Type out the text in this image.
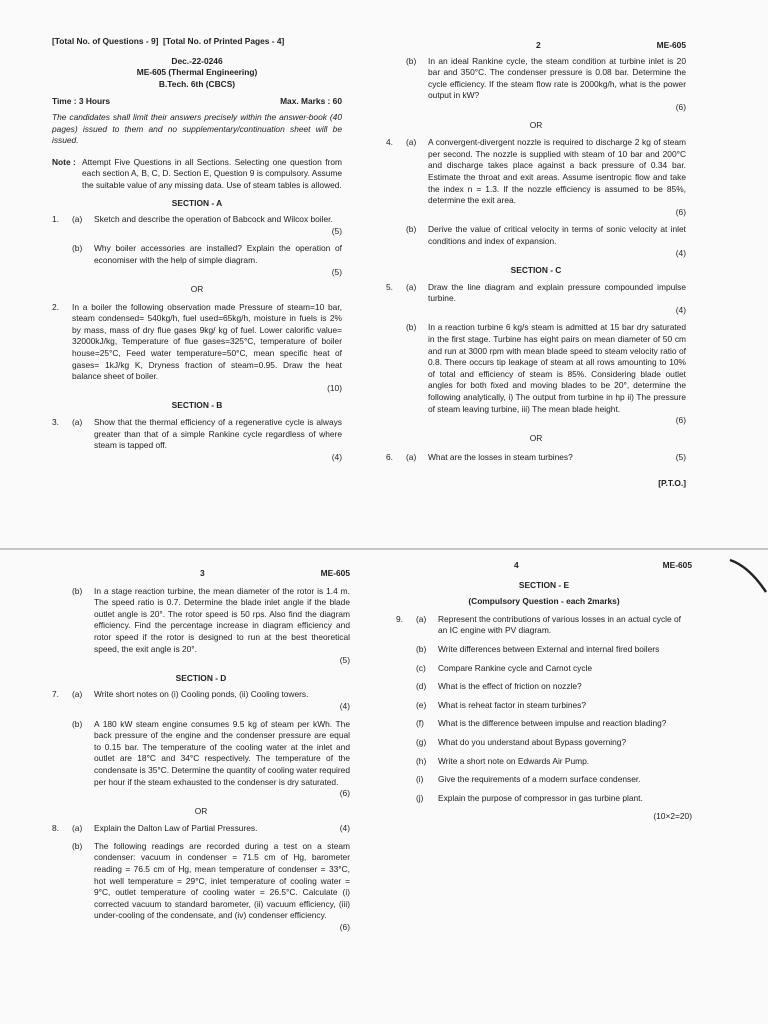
[Total No. of Questions - 9]  [Total No. of Printed Pages - 4]
Dec.-22-0246
ME-605 (Thermal Engineering)
B.Tech. 6th (CBCS)
Time : 3 Hours	Max. Marks : 60
The candidates shall limit their answers precisely within the answer-book (40 pages) issued to them and no supplementary/continuation sheet will be issued.
Note : Attempt Five Questions in all Sections. Selecting one question from each section A, B, C, D. Section E, Question 9 is compulsory. Assume the suitable value of any missing data. Use of steam tables is allowed.
SECTION - A
1.	(a)	Sketch and describe the operation of Babcock and Wilcox boiler.
(5)
(b)	Why boiler accessories are installed? Explain the operation of economiser with the help of simple diagram.
(5)
OR
2.	In a boiler the following observation made Pressure of steam=10 bar, steam condensed= 540kg/h, fuel used=65kg/h, moisture in fuels is 2% by mass, mass of dry flue gases 9kg/ kg of fuel. Lower calorific value= 32000kJ/kg, Temperature of flue gases=325°C, temperature of boiler house=25°C, Feed water temperature=50°C, mean specific heat of gases= 1kJ/kg K, Dryness fraction of steam=0.95. Draw the heat balance sheet of boiler.
(10)
SECTION - B
3.	(a)	Show that the thermal efficiency of a regenerative cycle is always greater than that of a simple Rankine cycle regardless of where steam is tapped off.
(4)
2	ME-605
(b)	In an ideal Rankine cycle, the steam condition at turbine inlet is 20 bar and 350°C. The condenser pressure is 0.08 bar. Determine the cycle efficiency. If the steam flow rate is 2000kg/h, what is the power output in kW?
(6)
OR
4.	(a)	A convergent-divergent nozzle is required to discharge 2 kg of steam per second. The nozzle is supplied with steam of 10 bar and 200°C and discharge takes place against a back pressure of 0.34 bar. Estimate the throat and exit areas. Assume isentropic flow and take the index n = 1.3. If the nozzle efficiency is assumed to be 85%, determine the exit area.
(6)
(b)	Derive the value of critical velocity in terms of sonic velocity at inlet conditions and index of expansion.
(4)
SECTION - C
5.	(a)	Draw the line diagram and explain pressure compounded impulse turbine.
(4)
(b)	In a reaction turbine 6 kg/s steam is admitted at 15 bar dry saturated in the first stage. Turbine has eight pairs on mean diameter of 50 cm and run at 3000 rpm with mean blade speed to steam velocity ratio of 0.8. There occurs tip leakage of steam at all rows amounting to 10% of total and efficiency of steam is 85%. Considering blade outlet angles for both fixed and moving blades to be 20°, determine the following analytically, i) The output from turbine in hp ii) The pressure of steam leaving turbine, iii) The mean blade height.
(6)
OR
6.	(a)	What are the losses in steam turbines?	(5)
[P.T.O.]
3	ME-605
(b)	In a stage reaction turbine, the mean diameter of the rotor is 1.4 m. The speed ratio is 0.7. Determine the blade inlet angle if the blade outlet angle is 20°. The rotor speed is 50 rps. Also find the diagram efficiency. Find the percentage increase in diagram efficiency and rotor speed if the rotor is designed to run at the best theoretical speed, the exit angle is 20°.
(5)
SECTION - D
7.	(a)	Write short notes on (i) Cooling ponds, (ii) Cooling towers.
(4)
(b)	A 180 kW steam engine consumes 9.5 kg of steam per kWh. The back pressure of the engine and the condenser pressure are equal to 0.15 bar. The temperature of the cooling water at the inlet and outlet are 18°C and 34°C respectively. The temperature of the condensate is 35°C. Determine the quantity of cooling water required per hour if the steam exhausted to the condenser is dry saturated.
(6)
OR
8.	(a)	Explain the Dalton Law of Partial Pressures.	(4)
(b)	The following readings are recorded during a test on a steam condenser: vacuum in condenser = 71.5 cm of Hg, barometer reading = 76.5 cm of Hg, mean temperature of condenser = 33°C, hot well temperature = 29°C, inlet temperature of cooling water = 9°C, outlet temperature of cooling water = 26.5°C. Calculate (i) corrected vacuum to standard barometer, (ii) vacuum efficiency, (iii) under-cooling of the condensate, and (iv) condenser efficiency.
(6)
4	ME-605
SECTION - E
(Compulsory Question - each 2marks)
9.	(a)	Represent the contributions of various losses in an actual cycle of an IC engine with PV diagram.
(b)	Write differences between External and internal fired boilers
(c)	Compare Rankine cycle and Carnot cycle
(d)	What is the effect of friction on nozzle?
(e)	What is reheat factor in steam turbines?
(f)	What is the difference between impulse and reaction blading?
(g)	What do you understand about Bypass governing?
(h)	Write a short note on Edwards Air Pump.
(i)	Give the requirements of a modern surface condenser.
(j)	Explain the purpose of compressor in gas turbine plant.
(10×2=20)
